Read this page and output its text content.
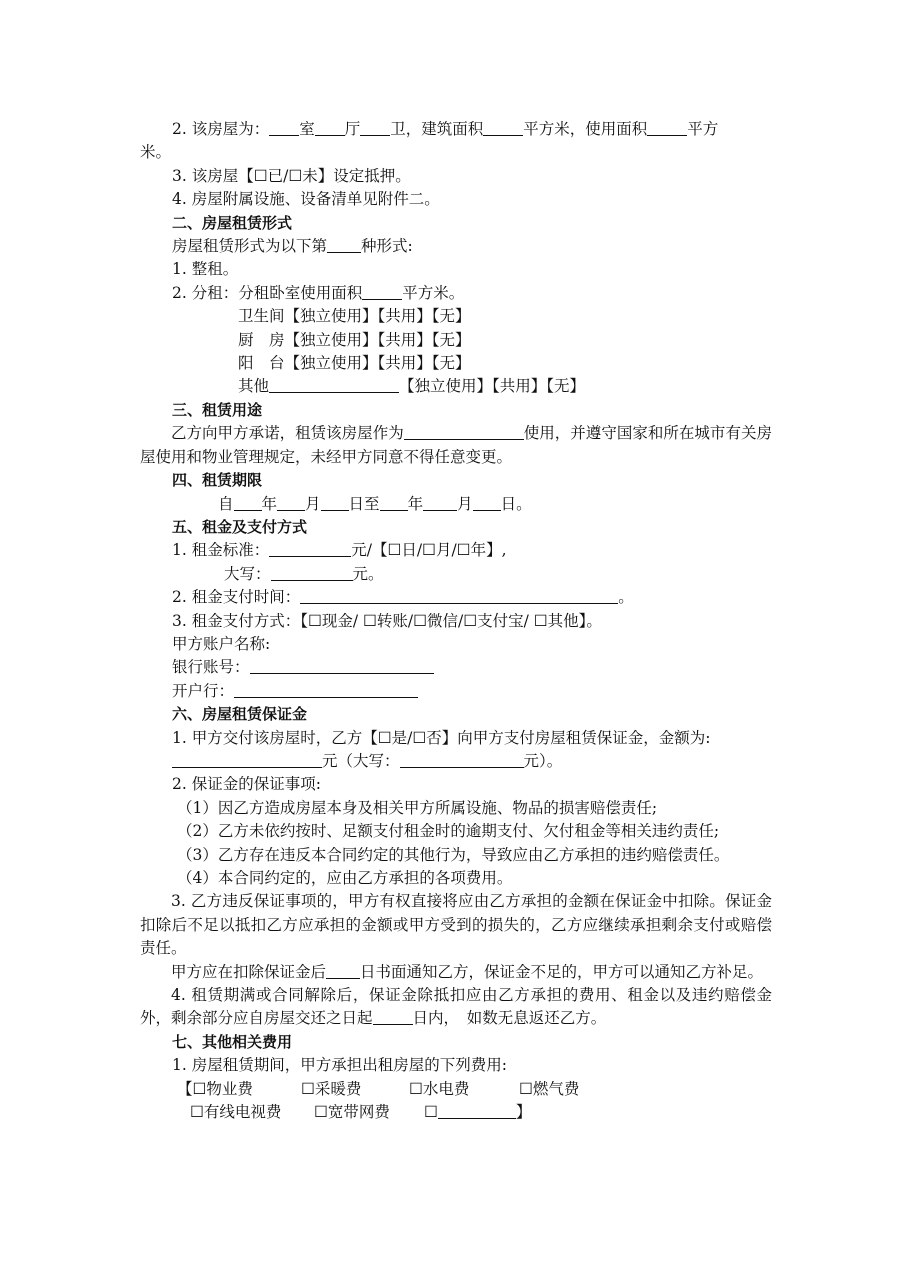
2. 该房屋为： 室 厅 卫，建筑面积	平方米，使用面积	平方

米。

3. 该房屋【☐已/☐未】设定抵押。

4. 房屋附属设施、设备清单见附件二。

二、房屋租赁形式

房屋租赁形式为以下第 种形式:

1. 整租。

2. 分租：分租卧室使用面积	平方米。

卫生间【独立使用】【共用】【无】

厨　房【独立使用】【共用】【无】

阳　台【独立使用】【共用】【无】

其他	【独立使用】【共用】【无】

三、租赁用途

乙方向甲方承诺，租赁该房屋作为	使用，并遵守国家和所在城市有关房屋使用和物业管理规定，未经甲方同意不得任意变更。

四、租赁期限

自 年 月 日至 年 月 日。

五、租金及支付方式

1. 租金标准：	元/【☐日/☐月/☐年】,

大写：	元。

2. 租金支付时间：	。

3. 租金支付方式：【☐现金/ ☐转账/☐微信/☐支付宝/ ☐其他】。

甲方账户名称:

银行账号：

开户行：

六、房屋租赁保证金

1. 甲方交付该房屋时，乙方【☐是/☐否】向甲方支付房屋租赁保证金，金额为:

元（大写：	元）。

2. 保证金的保证事项:

（1）因乙方造成房屋本身及相关甲方所属设施、物品的损害赔偿责任;

（2）乙方未依约按时、足额支付租金时的逾期支付、欠付租金等相关违约责任;

（3）乙方存在违反本合同约定的其他行为，导致应由乙方承担的违约赔偿责任。

（4）本合同约定的，应由乙方承担的各项费用。

3. 乙方违反保证事项的，甲方有权直接将应由乙方承担的金额在保证金中扣除。保证金扣除后不足以抵扣乙方应承担的金额或甲方受到的损失的，乙方应继续承担剩余支付或赔偿责任。

甲方应在扣除保证金后 日书面通知乙方，保证金不足的，甲方可以通知乙方补足。

4. 租赁期满或合同解除后，保证金除抵扣应由乙方承担的费用、租金以及违约赔偿金外，剩余部分应自房屋交还之日起	日内，　如数无息返还乙方。

七、其他相关费用

1. 房屋租赁期间，甲方承担出租房屋的下列费用:

【☐物业费	☐采暖费	☐水电费	☐燃气费

☐有线电视费 ☐宽带网费 ☐	】
